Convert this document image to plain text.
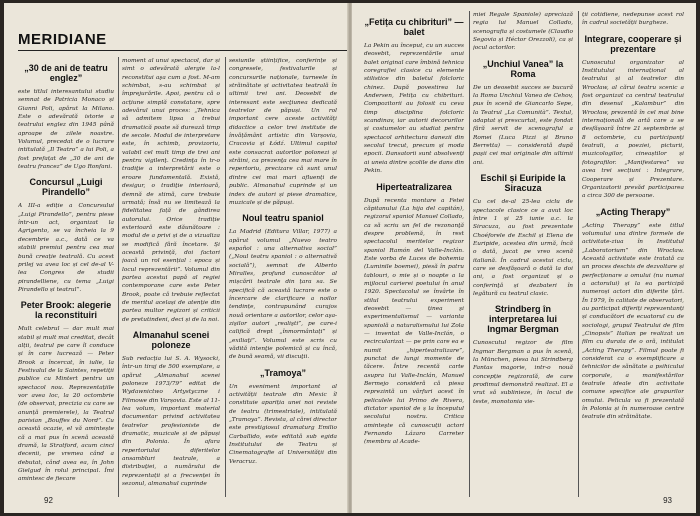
MERIDIANE
„30 de ani de teatru englez”

este titlul interesantului studiu semnat de Patricia Monaco și Gianni Poli, apărut la Milano. Este o adevărată istorie a teatrului englez din 1945 până aproape de zilele noastre. Volumul, precedat de o lucrare intitulată „Il Teatro” a lui Poli, a fost prefațat de „30 de ani de teatru francez” de Ugo Ronfani.

Concursul „Luigi Pirandello”

A III-a ediție a Concursului „Luigi Pirandello”, pentru piese într-un act, organizat la Agrigento, se va încheia la 9 decembrie a.c., dată ce va stabili premiul pentru cea mai bună creație teatrală. Cu acest prilej va avea loc și cel de-al V-lea Congres de studii pirandelliene, cu tema „Luigi Pirandello și teatrul”.

Peter Brook: alegerie la reconstituiri

Mult celebrul — dar mult mai stabil și mult mai creditat, decât alții, teatrul pe care îl conduce și în care lucrează — Peter Brook a încercat, în iulie, la Festivalul de la Saintes, repetiții publice cu Mintert pentru un spectacol nou. Reprezentațiile vor avea loc, la 20 octombrie (de observat, precizia cu care se anunță premierele), la Teatrul parisian „Bouffes du Nord”. Cu această ocazie, el vă amintește că a mai pus în scenă această dramă, la Stratford, acum cinci decenii, pe vremea când a debutat, când avea ea, în John Gielgud în rolul principal. Îmi amintesc de fiecare

moment al unui spectacol, dar și simt o adevărată alergie la-l reconstitui aşa cum a fost. M-am schimbat, s-au schimbat și împrejurările. Apoi, pentru că o acțiune simplă constatare, spre adevărul unui proces: „Tehnica să admitem lipsa a trebui dramatică poate să durează timp de secole. Modul de interpretare este, în schimb, provizoriu, valabil cel mult timp de trei ani pentru vigilenţ. Credinţa în tr-o tradiţie a interpretării este o eroare fundamentală. Există, desigur, o tradiţie interioară, demnă de stimă, care trebuie urmată; însă nu se limitează la fidelitatea față de gândirea autorului. Orice tradiție exterioară este dăunătoare : modul de a privi și de a vizualiza se modifică fără încetare. Și această privință, doi factori joacă un rol esențial : epoca și locul reprezentării”. Volumul din partea acestui papă al regiei contemporane care este Peter Brook, poate că trebuie reflectat de meritul același de atenție din partea multor regizori și criticii de pretutindeni, deci și de la noi.

Almanahul scenei poloneze

Sub redacția lui S. A. Wysocki, într-un tiraj de 500 exemplare, a apărut „Almanahul scenei poloneze 1973/79” editat de Wydawnictwo Artystyczne i Filmowe din Varșovia. Este al 11-lea volum, important material documentar privind activitatea teatrelor profesioniste de dramatic, muzicale și de păpuși din Polonia. În afara repertoriului diferitelor ansambluri teatrale, a distribuţiei, a numărului de reprezentații și a frecvenței în sezonul, almanahul cuprinde

sesiunile științifice, conferințe și congresele, festivalurile și concursurile naționale, turneele în străinătate și activitatea teatrală în ultimii trei ani. Deosebit de interesant este secţiunea dedicată teatrelor de păpuși. Un rol important cere aceste activități didactice a celor trei institute de învățământ artistic din Varșovia, Cracovia și Łódź. Ultimul capitol este consacrat autorilor polonezi și străini, ca prezenţa cea mai mare în repertoriu, precizare că sunt unul dintre cei mai mari afluenți de public. Almanahul cuprinde și un index de autori și piese dramatice, muzicale și de păpuși.

Noul teatru spaniol

La Madrid (Editura Villar, 1977) a apărut volumul „Nuevo teatro español : una alternativa social” („Noul teatru spaniol : o alternativă socială”), semnat de Alberto Miralles, profund cunoscător al mișcării teatrale din țara sa. Se specifică că această lucrare este o încercare de clarificare a noilor tendințe, contrapunând curajos nouă orientare a autorilor, celor aşa-zişilor autori „realişti”, pe care-i califică drept „înmormântați” și „exiliaţi”. Volumul este scris cu vădită intenţie polemică și cu încă, de bună seamă, vii discuţii.

„Tramoya”

Un eveniment important al activității teatrale din Mexic îl constituie apariția unei noi reviste de teatru (trimestriale), intitulată „Tramoya”. Revista, al cărei director este prestigiosul dramaturg Emilio Carballido, este editată sub egida Institutului de Teatru și Cinematografie al Universității din Veracruz.

92
„Fetița cu chibrituri” — balet

La Pekin au început, cu un succes deosebit, reprezentările unui balet original care îmbină tehnica coregrafiei clasice cu elemente stilistice din baletul folcloric chinez. După povestirea lui Andersen, Fetița cu chibrituri. Compozitorii au folosit cu ceva timp disciplina folcloric scandinav, iar autorii decorurilor și costumelor au studiat pentru spectacol arhitectura danezii din secolul trecut, precum și moda epocii. Dansatorii sunt absolvenți ai uneia dintre școlile de dans din Pekin.

Hiperteatralizarea

După recenta montare a Fetei căpitanului (La hija del capitán), regizorul spaniol Manuel Collado, ca să scriu un fel de rezonanţă despre problemă, în rest spectacolul meritelor regizor spaniol Ramón del Valle-Inclán. Este vorba de Luces de bohemia (Luminile boemei), piesă în patru tablouri, o mie și o noapte a la mijlocul carierei poetului în anul 1920. Spectacolul se învârte în stilul teatrului experiment deosebit — ținea şi experimentalismul — varianta spaniolă a naturalismului lui Zola — inventat de Valle-Inclán, o recircularizat — pe prin care ea e numit „hiperteatralizare”, punctat de lungi momente de tăcere. Între recentă carte asupra lui Valle-Inclán, Manuel Bermejo consideră că piesa reprezintă un vârfuri acest în peliculele lui Primo de Rivera, dictator spaniol de ș la începutul secolului nostru. Critica aminteşte că cunoscuții actori Fernando Lázaro Carreter (membru al Acade-

miei Regale Spaniole) apreciază regia lui Manuel Collado, scenografia și costumele (Claudio Segovia și Héctor Orezzoli), ca și jocul actorilor.

„Unchiul Vanea” la Roma

De un deosebit succes se bucură la Roma Unchiul Vanea de Cehov, pus în scenă de Giancarlo Sepe, la Teatrul „La Comunità”. Textul, adaptat și prescurtat, este fondat fără servit de scenograful a Romei (Luca Pizzi și Bruno Berretta) — considerată după paşii cei mai originale din ultimii ani.

Eschil și Euripide la Siracuza

Cu cel de-al 25-lea ciclu de spectacole clasice ce a avut loc între 1 și 25 iunie a.c. la Siracuza, au fost prezentate Choéforele de Eschil și Elena de Euripide, acestea din urmă, încă o dată, jucat pe vreo scenă italiană. În cadrul acestui ciclu, care se desfășoară o dată la doi ani, a fost organizat și o conferinţă și dezbateri în legătură cu teatrul clasic.

Strindberg în interpretarea lui Ingmar Bergman

Cunoscutul regizor de film Ingmar Bergman a pus în scenă, la München, piesa lui Strindberg Fantas magorie, intr-o nouă concepție regizorală, de care prodimul demonstră realizat. El a vrut să sublinieze, în locul de teste, monotonia vie-

ții cotidiene, nedepunse acest rol în cadrul societății burgheze.

Integrare, cooperare și prezentare

Cunoscutul organizator al Institutului internațional al teatrului și al teatrelor din Wrocław, al cărui teatru scenic a fost organizat ca centrul teatrului din desenul „Kalambur” din Wrocław, prezentă în cel mai bine internațională de artă care a se desfășoară între 21 septembrie și 8 octombrie, cu participanți teatrali, a poeziei, picturii, muzicologilor, cineaștilor și fotografilor. „Manifestarea” va avea trei secțiuni : Integrare, Cooperare și Prezentare. Organizatorii prevăd participarea a circa 300 de persoane.

„Acting Therapy”

„Acting Therapy” este titlul volumului una dintre formele de activitate-ziua în Institutul „Laboratorium” din Wrocław. Această activitate este tratată ca un proces deschis de dezvoltare și perfecționare a omului (nu numai a actorului) și la ea participă numeroși actori din diferite țări. În 1979, în calitate de observatori, au participat diferiți reprezentanți și conducători de ecuatorul cu de sociologi, grupul Teatrului de film „Cinopsis” Italian pe realizat un film cu durata de o oră, intitulat „Acting Therapy”. Filmul poate fi considerat ca o exemplificare a tehnicilor de sănătate a psihicului corporale, a manifestărilor teatrale ideale din activitate comune specifice ale grupurilor omului. Pelicula va fi prezentată în Polonia și în numeroase centre teatrale din străinătate.

93
